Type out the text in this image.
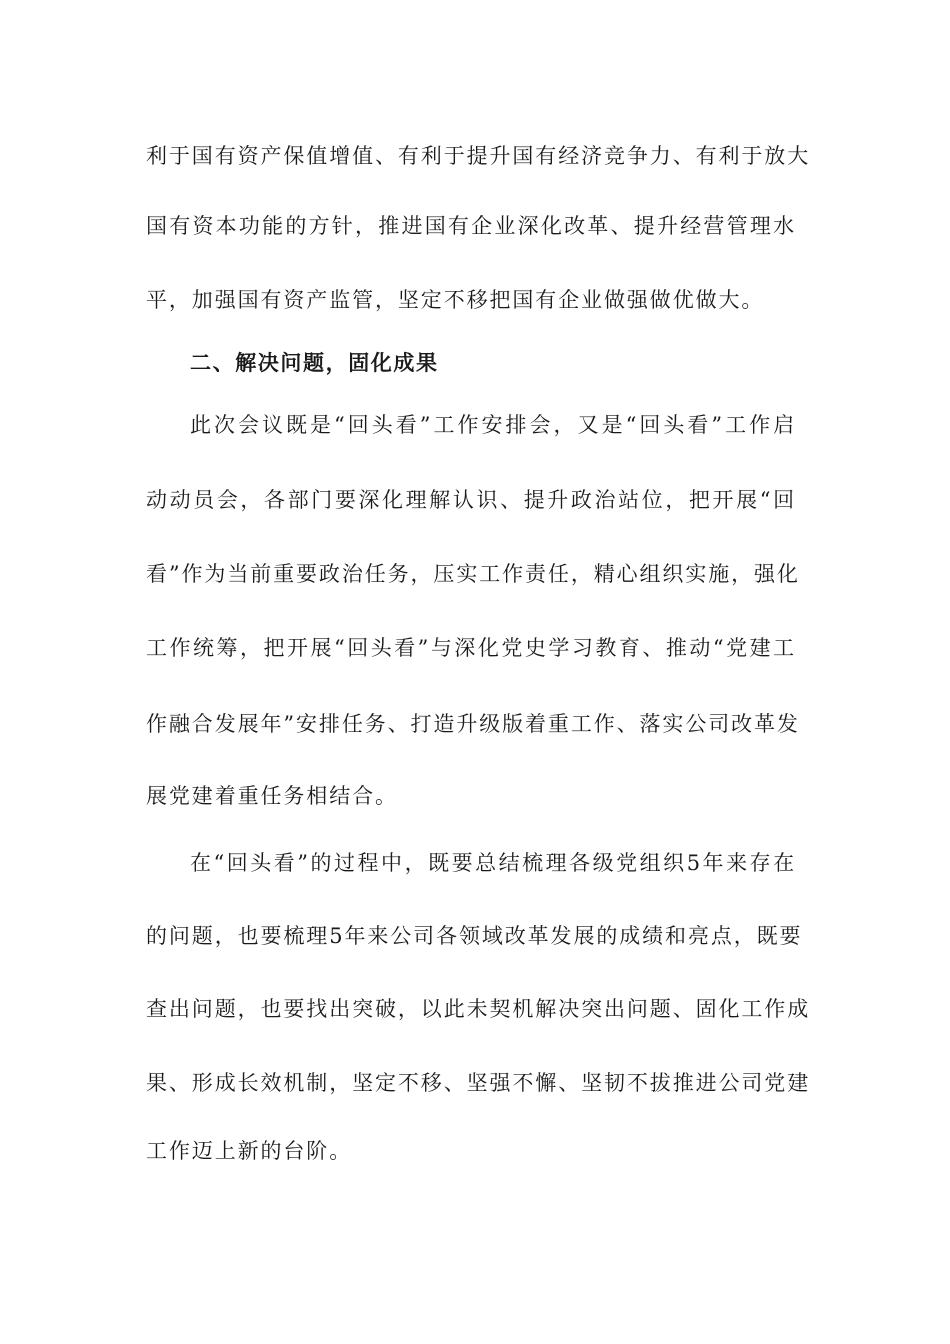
利于国有资产保值增值、有利于提升国有经济竞争力、有利于放大
国有资本功能的方针，推进国有企业深化改革、提升经营管理水
平，加强国有资产监管，坚定不移把国有企业做强做优做大。
二、解决问题，固化成果
此次会议既是“回头看”工作安排会，又是“回头看”工作启
动动员会，各部门要深化理解认识、提升政治站位，把开展“回
看”作为当前重要政治任务，压实工作责任，精心组织实施，强化
工作统筹，把开展“回头看”与深化党史学习教育、推动“党建工
作融合发展年”安排任务、打造升级版着重工作、落实公司改革发
展党建着重任务相结合。
在“回头看”的过程中，既要总结梳理各级党组织5年来存在
的问题，也要梳理5年来公司各领域改革发展的成绩和亮点，既要
查出问题，也要找出突破，以此未契机解决突出问题、固化工作成
果、形成长效机制，坚定不移、坚强不懈、坚韧不拔推进公司党建
工作迈上新的台阶。
